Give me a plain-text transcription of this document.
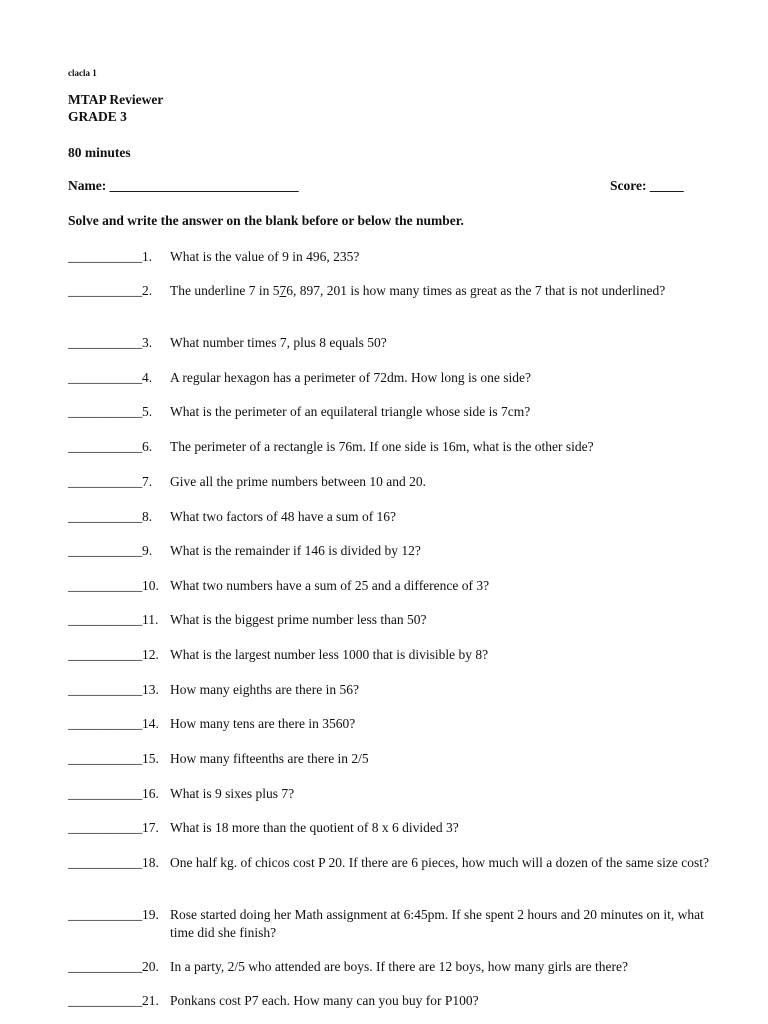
clacla 1
MTAP Reviewer
GRADE 3
80 minutes
Name: ____________________________	Score: _____
Solve and write the answer on the blank before or below the number.
___________ 1. What is the value of 9 in 496, 235?
___________ 2. The underline 7 in 576, 897, 201 is how many times as great as the 7 that is not underlined?
___________ 3. What number times 7, plus 8 equals 50?
___________ 4. A regular hexagon has a perimeter of 72dm. How long is one side?
___________ 5. What is the perimeter of an equilateral triangle whose side is 7cm?
___________ 6. The perimeter of a rectangle is 76m. If one side is 16m, what is the other side?
___________ 7. Give all the prime numbers between 10 and 20.
___________ 8. What two factors of 48 have a sum of 16?
___________ 9. What is the remainder if 146 is divided by 12?
___________ 10. What two numbers have a sum of 25 and a difference of 3?
___________ 11. What is the biggest prime number less than 50?
___________ 12. What is the largest number less 1000 that is divisible by 8?
___________ 13. How many eighths are there in 56?
___________ 14. How many tens are there in 3560?
___________ 15. How many fifteenths are there in 2/5
___________ 16. What is 9 sixes plus 7?
___________ 17. What is 18 more than the quotient of 8 x 6 divided 3?
___________ 18. One half kg. of chicos cost P 20. If there are 6 pieces, how much will a dozen of the same size cost?
___________ 19. Rose started doing her Math assignment at 6:45pm. If she spent 2 hours and 20 minutes on it, what time did she finish?
___________ 20. In a party, 2/5 who attended are boys. If there are 12 boys, how many girls are there?
___________ 21. Ponkans cost P7 each. How many can you buy for P100?
